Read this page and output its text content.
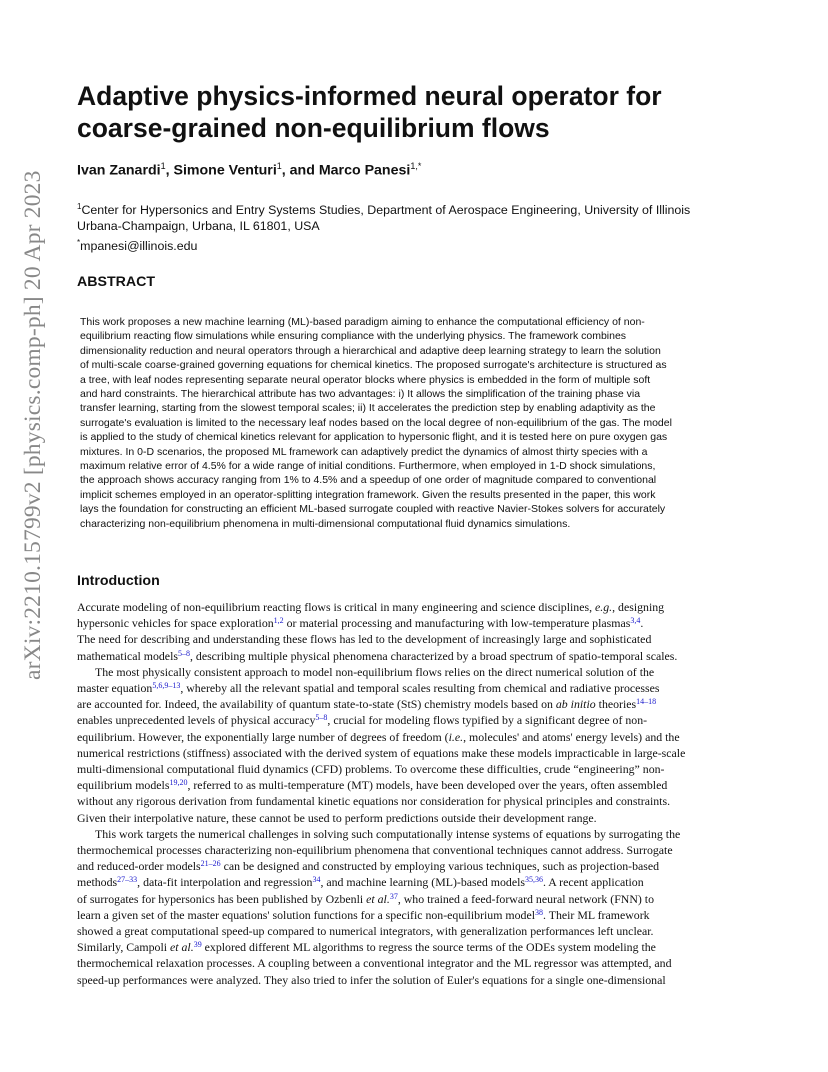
arXiv:2210.15799v2 [physics.comp-ph] 20 Apr 2023
Adaptive physics-informed neural operator for
coarse-grained non-equilibrium flows
Ivan Zanardi$^1$, Simone Venturi$^1$, and Marco Panesi$^{1,*}$
$^1$Center for Hypersonics and Entry Systems Studies, Department of Aerospace Engineering, University of Illinois
Urbana-Champaign, Urbana, IL 61801, USA
*mpanesi@illinois.edu
ABSTRACT
This work proposes a new machine learning (ML)-based paradigm aiming to enhance the computational efficiency of non-
equilibrium reacting flow simulations while ensuring compliance with the underlying physics. The framework combines
dimensionality reduction and neural operators through a hierarchical and adaptive deep learning strategy to learn the solution
of multi-scale coarse-grained governing equations for chemical kinetics. The proposed surrogate's architecture is structured as
a tree, with leaf nodes representing separate neural operator blocks where physics is embedded in the form of multiple soft
and hard constraints. The hierarchical attribute has two advantages: i) It allows the simplification of the training phase via
transfer learning, starting from the slowest temporal scales; ii) It accelerates the prediction step by enabling adaptivity as the
surrogate's evaluation is limited to the necessary leaf nodes based on the local degree of non-equilibrium of the gas. The model
is applied to the study of chemical kinetics relevant for application to hypersonic flight, and it is tested here on pure oxygen gas
mixtures. In 0-D scenarios, the proposed ML framework can adaptively predict the dynamics of almost thirty species with a
maximum relative error of 4.5% for a wide range of initial conditions. Furthermore, when employed in 1-D shock simulations,
the approach shows accuracy ranging from 1% to 4.5% and a speedup of one order of magnitude compared to conventional
implicit schemes employed in an operator-splitting integration framework. Given the results presented in the paper, this work
lays the foundation for constructing an efficient ML-based surrogate coupled with reactive Navier-Stokes solvers for accurately
characterizing non-equilibrium phenomena in multi-dimensional computational fluid dynamics simulations.
Introduction
Accurate modeling of non-equilibrium reacting flows is critical in many engineering and science disciplines, e.g., designing
hypersonic vehicles for space exploration$^{1,2}$ or material processing and manufacturing with low-temperature plasmas$^{3,4}$.
The need for describing and understanding these flows has led to the development of increasingly large and sophisticated
mathematical models$^{5-8}$, describing multiple physical phenomena characterized by a broad spectrum of spatio-temporal scales.
The most physically consistent approach to model non-equilibrium flows relies on the direct numerical solution of the
master equation$^{5,6,9-13}$, whereby all the relevant spatial and temporal scales resulting from chemical and radiative processes
are accounted for. Indeed, the availability of quantum state-to-state (StS) chemistry models based on ab initio theories$^{14-18}$
enables unprecedented levels of physical accuracy$^{5-8}$, crucial for modeling flows typified by a significant degree of non-
equilibrium. However, the exponentially large number of degrees of freedom (i.e., molecules' and atoms' energy levels) and the
numerical restrictions (stiffness) associated with the derived system of equations make these models impracticable in large-scale
multi-dimensional computational fluid dynamics (CFD) problems. To overcome these difficulties, crude “engineering” non-
equilibrium models$^{19,20}$, referred to as multi-temperature (MT) models, have been developed over the years, often assembled
without any rigorous derivation from fundamental kinetic equations nor consideration for physical principles and constraints.
Given their interpolative nature, these cannot be used to perform predictions outside their development range.
This work targets the numerical challenges in solving such computationally intense systems of equations by surrogating the
thermochemical processes characterizing non-equilibrium phenomena that conventional techniques cannot address. Surrogate
and reduced-order models$^{21-26}$ can be designed and constructed by employing various techniques, such as projection-based
methods$^{27-33}$, data-fit interpolation and regression$^{34}$, and machine learning (ML)-based models$^{35,36}$. A recent application
of surrogates for hypersonics has been published by Ozbenli et al.$^{37}$, who trained a feed-forward neural network (FNN) to
learn a given set of the master equations' solution functions for a specific non-equilibrium model$^{38}$. Their ML framework
showed a great computational speed-up compared to numerical integrators, with generalization performances left unclear.
Similarly, Campoli et al.$^{39}$ explored different ML algorithms to regress the source terms of the ODEs system modeling the
thermochemical relaxation processes. A coupling between a conventional integrator and the ML regressor was attempted, and
speed-up performances were analyzed. They also tried to infer the solution of Euler's equations for a single one-dimensional
